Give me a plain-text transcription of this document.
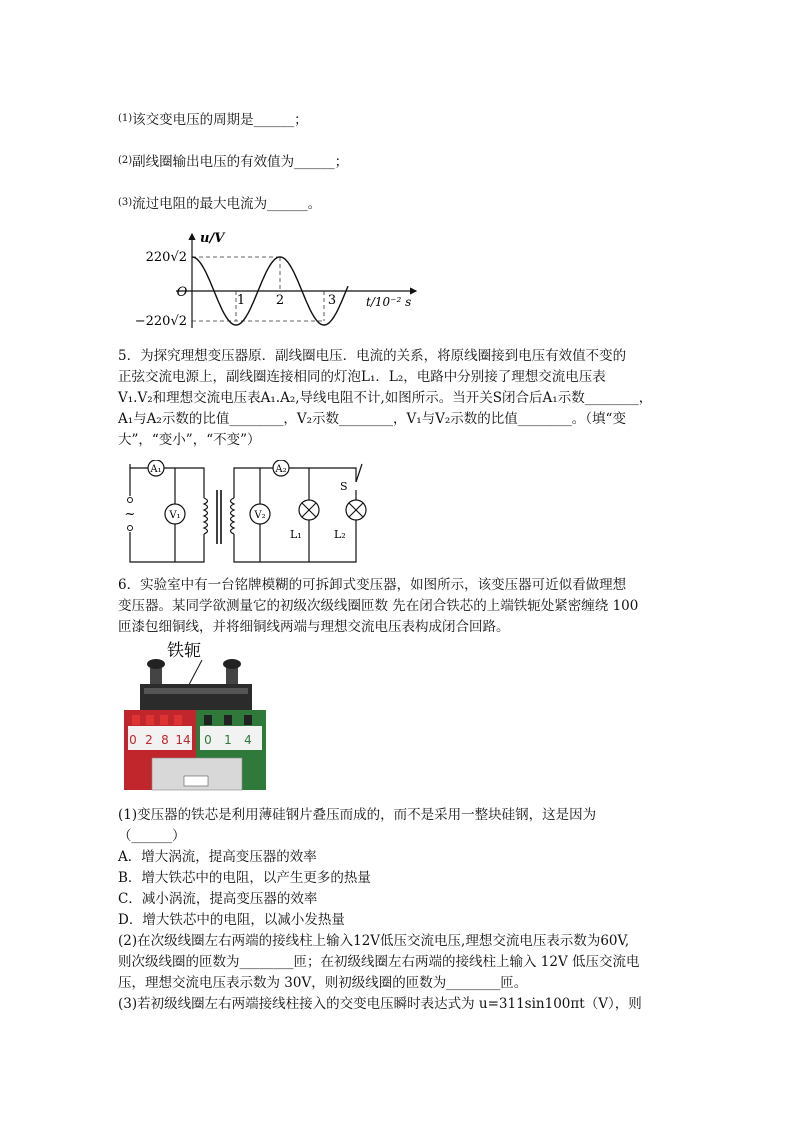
$^{(1)}$该交变电压的周期是______；
$^{(2)}$副线圈输出电压的有效值为______；
$^{(3)}$流过电阻的最大电流为______。
u/V
O
220√2
−220√2
1 2	3 t/10⁻² s
5．为探究理想变压器原．副线圈电压．电流的关系，将原线圈接到电压有效值不变的
正弦交流电源上，副线圈连接相同的灯泡L₁．L₂，电路中分别接了理想交流电压表
V₁.V₂和理想交流电压表A₁.A₂,导线电阻不计,如图所示。当开关S闭合后A₁示数________，
A₁与A₂示数的比值________，V₂示数________，V₁与V₂示数的比值________。（填“变
大”，“变小”，“不变”）
~
A₁
V₁
A₂
V₂
L₁	L₂
S
6．实验室中有一台铭牌模糊的可拆卸式变压器，如图所示，该变压器可近似看做理想
变压器。某同学欲测量它的初级次级线圈匝数 先在闭合铁芯的上端铁轭处紧密缠绕 100
匝漆包细铜线，并将细铜线两端与理想交流电压表构成闭合回路。
铁轭
0 2 8 14 0 1 4
(1)变压器的铁芯是利用薄硅钢片叠压而成的，而不是采用一整块硅钢，这是因为
（______）
A．增大涡流，提高变压器的效率
B．增大铁芯中的电阻，以产生更多的热量
C．减小涡流，提高变压器的效率
D．增大铁芯中的电阻，以减小发热量
(2)在次级线圈左右两端的接线柱上输入12V低压交流电压,理想交流电压表示数为60V,
则次级线圈的匝数为________匝；在初级线圈左右两端的接线柱上输入 12V 低压交流电
压，理想交流电压表示数为 30V，则初级线圈的匝数为________匝。
(3)若初级线圈左右两端接线柱接入的交变电压瞬时表达式为 u=311sin100πt（V），则
